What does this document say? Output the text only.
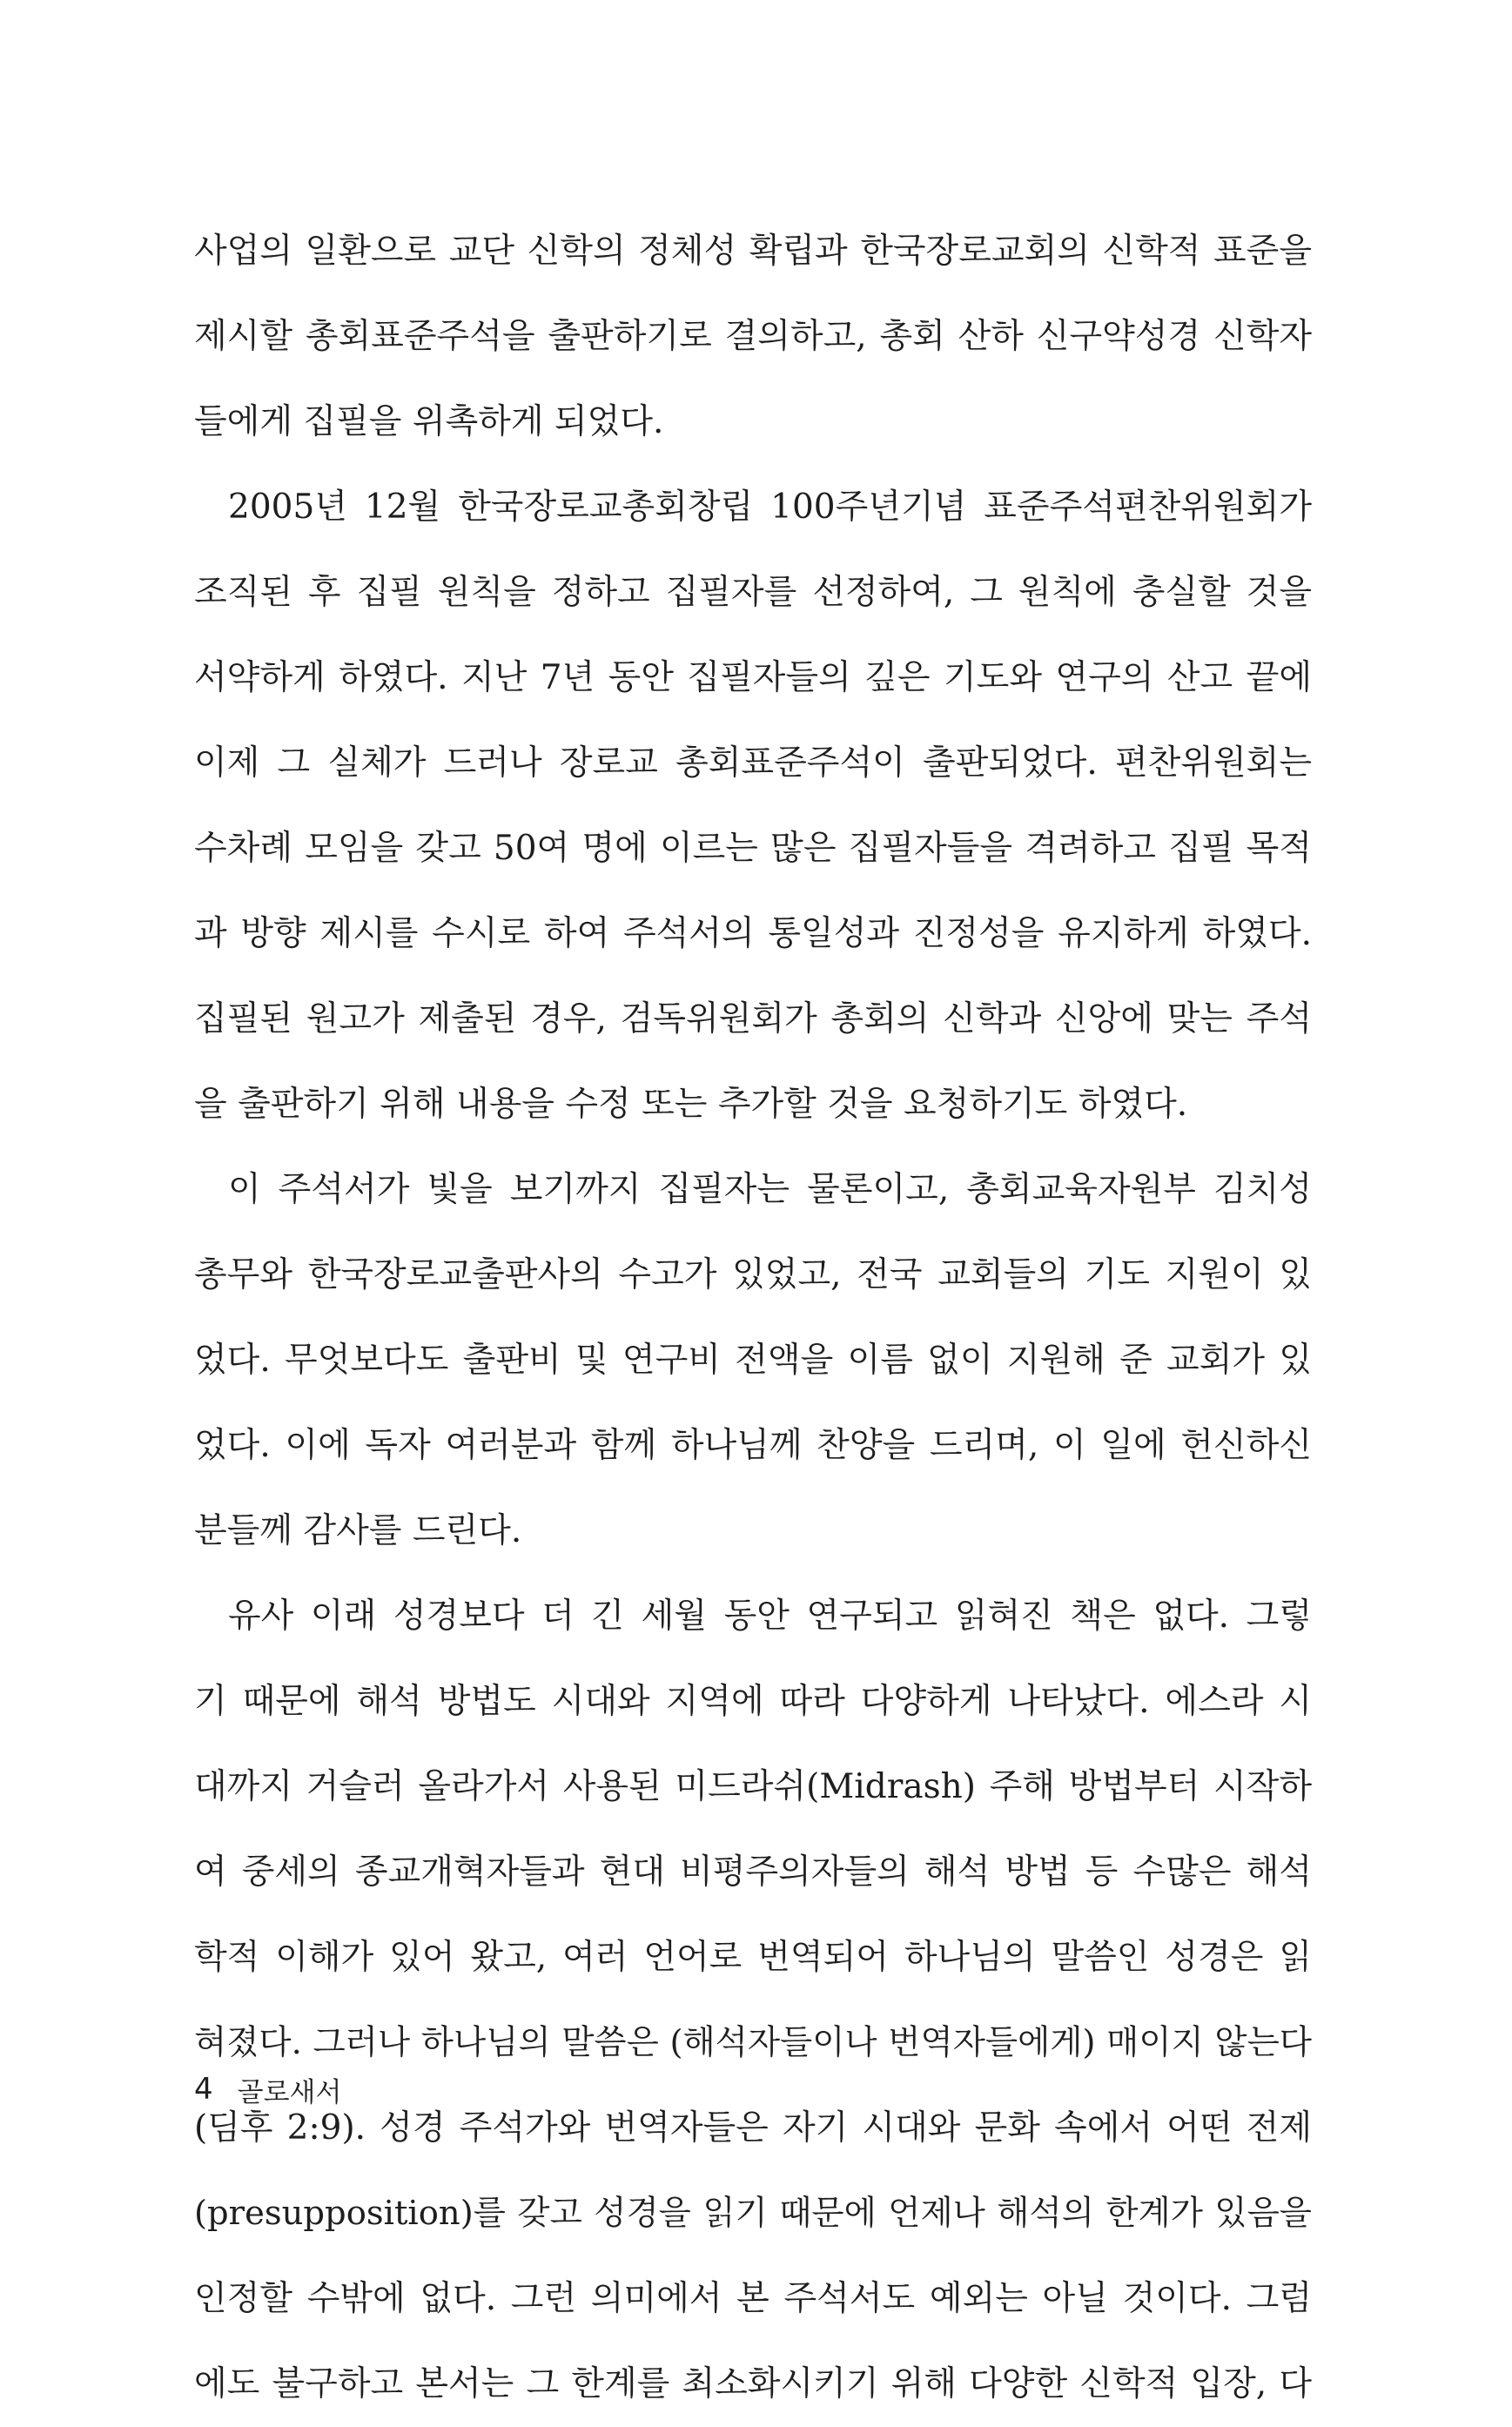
사업의 일환으로 교단 신학의 정체성 확립과 한국장로교회의 신학적 표준을
제시할 총회표준주석을 출판하기로 결의하고, 총회 산하 신구약성경 신학자
들에게 집필을 위촉하게 되었다.
2005년 12월 한국장로교총회창립 100주년기념 표준주석편찬위원회가
조직된 후 집필 원칙을 정하고 집필자를 선정하여, 그 원칙에 충실할 것을
서약하게 하였다. 지난 7년 동안 집필자들의 깊은 기도와 연구의 산고 끝에
이제 그 실체가 드러나 장로교 총회표준주석이 출판되었다. 편찬위원회는
수차례 모임을 갖고 50여 명에 이르는 많은 집필자들을 격려하고 집필 목적
과 방향 제시를 수시로 하여 주석서의 통일성과 진정성을 유지하게 하였다.
집필된 원고가 제출된 경우, 검독위원회가 총회의 신학과 신앙에 맞는 주석
을 출판하기 위해 내용을 수정 또는 추가할 것을 요청하기도 하였다.
이 주석서가 빛을 보기까지 집필자는 물론이고, 총회교육자원부 김치성
총무와 한국장로교출판사의 수고가 있었고, 전국 교회들의 기도 지원이 있
었다. 무엇보다도 출판비 및 연구비 전액을 이름 없이 지원해 준 교회가 있
었다. 이에 독자 여러분과 함께 하나님께 찬양을 드리며, 이 일에 헌신하신
분들께 감사를 드린다.
유사 이래 성경보다 더 긴 세월 동안 연구되고 읽혀진 책은 없다. 그렇
기 때문에 해석 방법도 시대와 지역에 따라 다양하게 나타났다. 에스라 시
대까지 거슬러 올라가서 사용된 미드라쉬(Midrash) 주해 방법부터 시작하
여 중세의 종교개혁자들과 현대 비평주의자들의 해석 방법 등 수많은 해석
학적 이해가 있어 왔고, 여러 언어로 번역되어 하나님의 말씀인 성경은 읽
혀졌다. 그러나 하나님의 말씀은 (해석자들이나 번역자들에게) 매이지 않는다
(딤후 2:9). 성경 주석가와 번역자들은 자기 시대와 문화 속에서 어떤 전제
(presupposition)를 갖고 성경을 읽기 때문에 언제나 해석의 한계가 있음을
인정할 수밖에 없다. 그런 의미에서 본 주석서도 예외는 아닐 것이다. 그럼
에도 불구하고 본서는 그 한계를 최소화시키기 위해 다양한 신학적 입장, 다
4 골로새서
